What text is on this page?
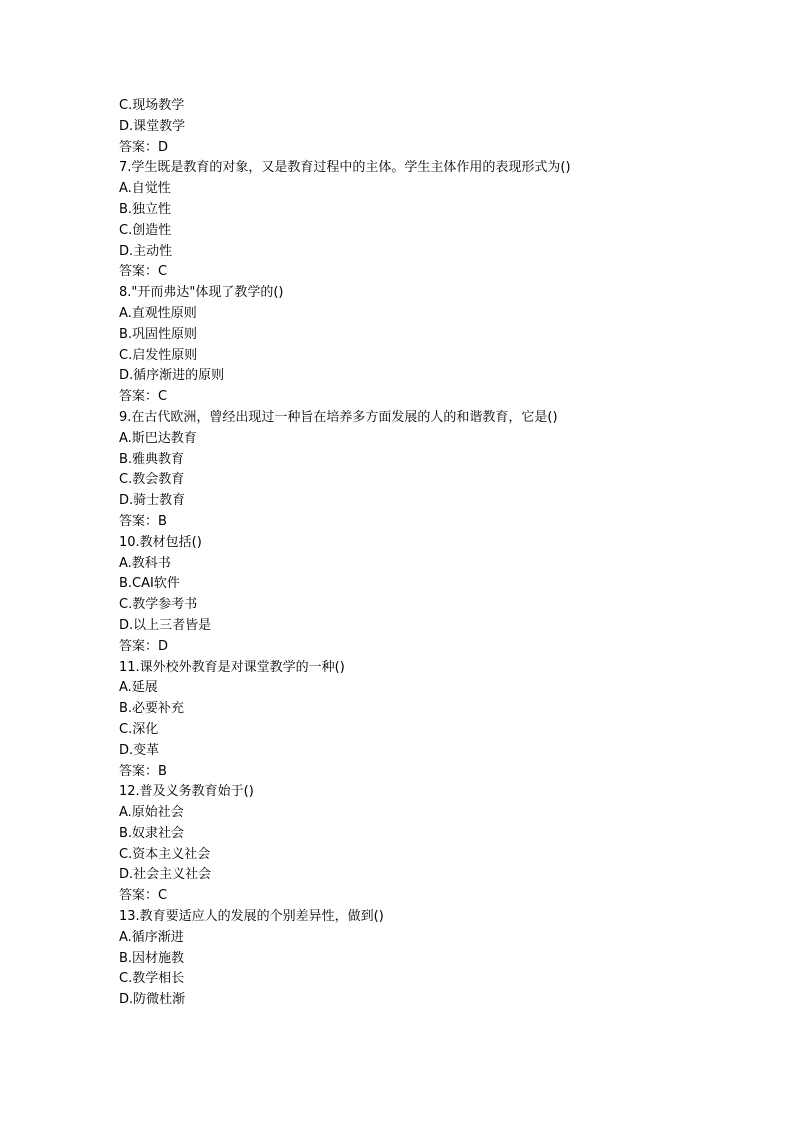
C.现场教学
D.课堂教学
答案：D
7.学生既是教育的对象，又是教育过程中的主体。学生主体作用的表现形式为()
A.自觉性
B.独立性
C.创造性
D.主动性
答案：C
8."开而弗达"体现了教学的()
A.直观性原则
B.巩固性原则
C.启发性原则
D.循序渐进的原则
答案：C
9.在古代欧洲，曾经出现过一种旨在培养多方面发展的人的和谐教育，它是()
A.斯巴达教育
B.雅典教育
C.教会教育
D.骑士教育
答案：B
10.教材包括()
A.教科书
B.CAI软件
C.教学参考书
D.以上三者皆是
答案：D
11.课外校外教育是对课堂教学的一种()
A.延展
B.必要补充
C.深化
D.变革
答案：B
12.普及义务教育始于()
A.原始社会
B.奴隶社会
C.资本主义社会
D.社会主义社会
答案：C
13.教育要适应人的发展的个别差异性，做到()
A.循序渐进
B.因材施教
C.教学相长
D.防微杜渐
